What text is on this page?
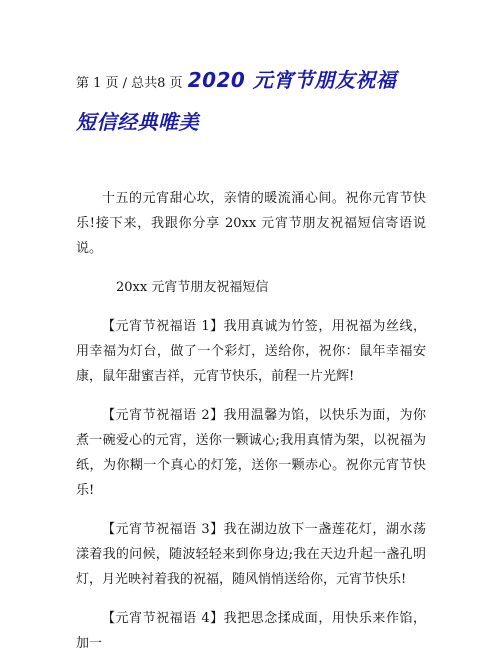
第 1 页 / 总共8 页 2020 元宵节朋友祝福
短信经典唯美

十五的元宵甜心坎，亲情的暖流涌心间。祝你元宵节快乐!接下来，我跟你分享 20xx 元宵节朋友祝福短信寄语说说。

20xx 元宵节朋友祝福短信

【元宵节祝福语 1】我用真诚为竹签，用祝福为丝线，用幸福为灯台，做了一个彩灯，送给你，祝你：鼠年幸福安康，鼠年甜蜜吉祥，元宵节快乐，前程一片光辉!

【元宵节祝福语 2】我用温馨为馅，以快乐为面，为你煮一碗爱心的元宵，送你一颗诚心;我用真情为架，以祝福为纸，为你糊一个真心的灯笼，送你一颗赤心。祝你元宵节快乐!

【元宵节祝福语 3】我在湖边放下一盏莲花灯，湖水荡漾着我的问候，随波轻轻来到你身边;我在天边升起一盏孔明灯，月光映衬着我的祝福，随风悄悄送给你，元宵节快乐!

【元宵节祝福语 4】我把思念揉成面，用快乐来作馅，加一
